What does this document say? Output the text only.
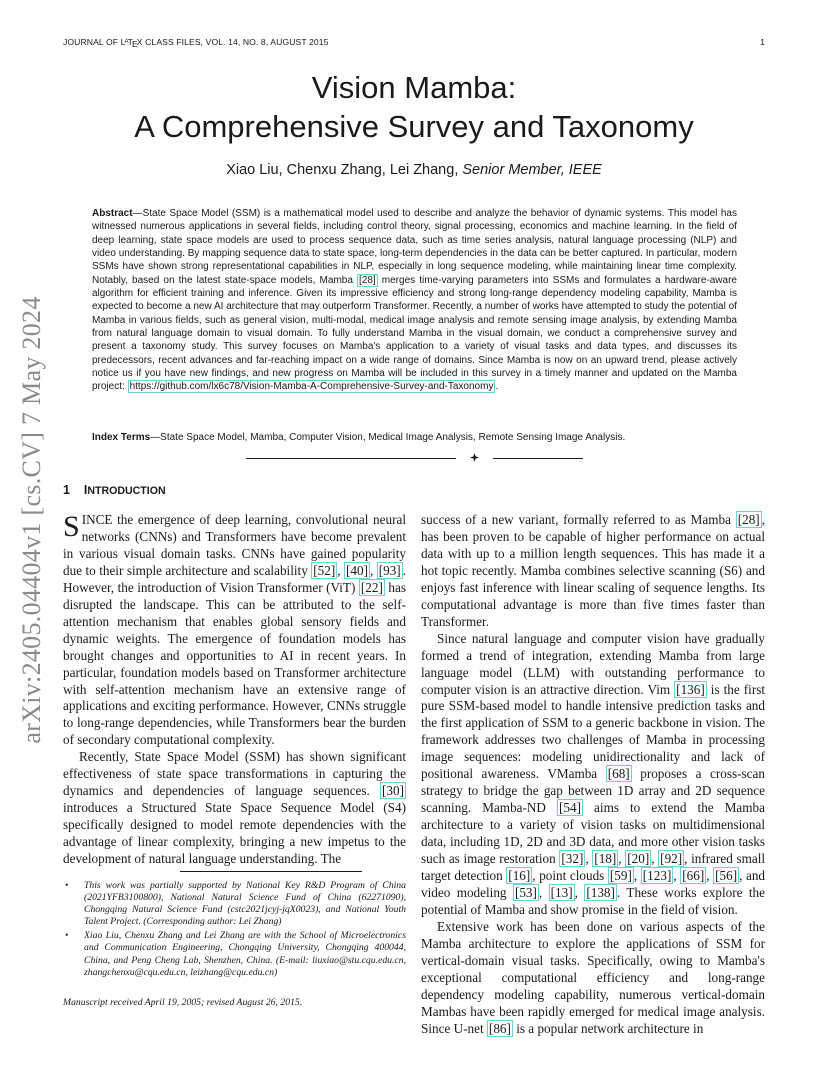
JOURNAL OF $L^AT_EX$ CLASS FILES, VOL. 14, NO. 8, AUGUST 2015	1
arXiv:2405.04404v1 [cs.CV] 7 May 2024
Vision Mamba:
A Comprehensive Survey and Taxonomy
Xiao Liu, Chenxu Zhang, Lei Zhang, Senior Member, IEEE
Abstract—State Space Model (SSM) is a mathematical model used to describe and analyze the behavior of dynamic systems. This model has witnessed numerous applications in several fields, including control theory, signal processing, economics and machine learning. In the field of deep learning, state space models are used to process sequence data, such as time series analysis, natural language processing (NLP) and video understanding. By mapping sequence data to state space, long-term dependencies in the data can be better captured. In particular, modern SSMs have shown strong representational capabilities in NLP, especially in long sequence modeling, while maintaining linear time complexity. Notably, based on the latest state-space models, Mamba [28] merges time-varying parameters into SSMs and formulates a hardware-aware algorithm for efficient training and inference. Given its impressive efficiency and strong long-range dependency modeling capability, Mamba is expected to become a new AI architecture that may outperform Transformer. Recently, a number of works have attempted to study the potential of Mamba in various fields, such as general vision, multi-modal, medical image analysis and remote sensing image analysis, by extending Mamba from natural language domain to visual domain. To fully understand Mamba in the visual domain, we conduct a comprehensive survey and present a taxonomy study. This survey focuses on Mamba's application to a variety of visual tasks and data types, and discusses its predecessors, recent advances and far-reaching impact on a wide range of domains. Since Mamba is now on an upward trend, please actively notice us if you have new findings, and new progress on Mamba will be included in this survey in a timely manner and updated on the Mamba project: https://github.com/lx6c78/Vision-Mamba-A-Comprehensive-Survey-and-Taxonomy .
Index Terms—State Space Model, Mamba, Computer Vision, Medical Image Analysis, Remote Sensing Image Analysis.
1 INTRODUCTION

SINCE the emergence of deep learning, convolutional neural networks (CNNs) and Transformers have become prevalent in various visual domain tasks. CNNs have gained popularity due to their simple architecture and scalability [52] , [40] , [93] . However, the introduction of Vision Transformer (ViT) [22] has disrupted the landscape. This can be attributed to the self-attention mechanism that enables global sensory fields and dynamic weights. The emergence of foundation models has brought changes and opportunities to AI in recent years. In particular, foundation models based on Transformer architecture with self-attention mechanism have an extensive range of applications and exciting performance. However, CNNs struggle to long-range dependencies, while Transformers bear the burden of secondary computational complexity.

Recently, State Space Model (SSM) has shown significant effectiveness of state space transformations in capturing the dynamics and dependencies of language sequences. [30] introduces a Structured State Space Sequence Model (S4) specifically designed to model remote dependencies with the advantage of linear complexity, bringing a new impetus to the development of natural language understanding. The

success of a new variant, formally referred to as Mamba [28] , has been proven to be capable of higher performance on actual data with up to a million length sequences. This has made it a hot topic recently. Mamba combines selective scanning (S6) and enjoys fast inference with linear scaling of sequence lengths. Its computational advantage is more than five times faster than Transformer.

Since natural language and computer vision have gradually formed a trend of integration, extending Mamba from large language model (LLM) with outstanding performance to computer vision is an attractive direction. Vim [136] is the first pure SSM-based model to handle intensive prediction tasks and the first application of SSM to a generic backbone in vision. The framework addresses two challenges of Mamba in processing image sequences: modeling unidirectionality and lack of positional awareness. VMamba [68] proposes a cross-scan strategy to bridge the gap between 1D array and 2D sequence scanning. Mamba-ND [54] aims to extend the Mamba architecture to a variety of vision tasks on multidimensional data, including 1D, 2D and 3D data, and more other vision tasks such as image restoration [32] , [18] , [20] , [92] , infrared small target detection [16] , point clouds [59] , [123] , [66] , [56] , and video modeling [53] , [13] , [138] . These works explore the potential of Mamba and show promise in the field of vision.

Extensive work has been done on various aspects of the Mamba architecture to explore the applications of SSM for vertical-domain visual tasks. Specifically, owing to Mamba's exceptional computational efficiency and long-range dependency modeling capability, numerous vertical-domain Mambas have been rapidly emerged for medical image analysis. Since U-net [86] is a popular network architecture in

• This work was partially supported by National Key R&D Program of China (2021YFB3100800), National Natural Science Fund of China (62271090), Chongqing Natural Science Fund (cstc2021jcyj-jqX0023), and National Youth Talent Project. (Corresponding author: Lei Zhang)
• Xiao Liu, Chenxu Zhang and Lei Zhang are with the School of Microelectronics and Communication Engineering, Chongqing University, Chongqing 400044, China, and Peng Cheng Lab, Shenzhen, China. (E-mail: liuxiao@stu.cqu.edu.cn, zhangchenxu@cqu.edu.cn, leizhang@cqu.edu.cn)
Manuscript received April 19, 2005; revised August 26, 2015.
